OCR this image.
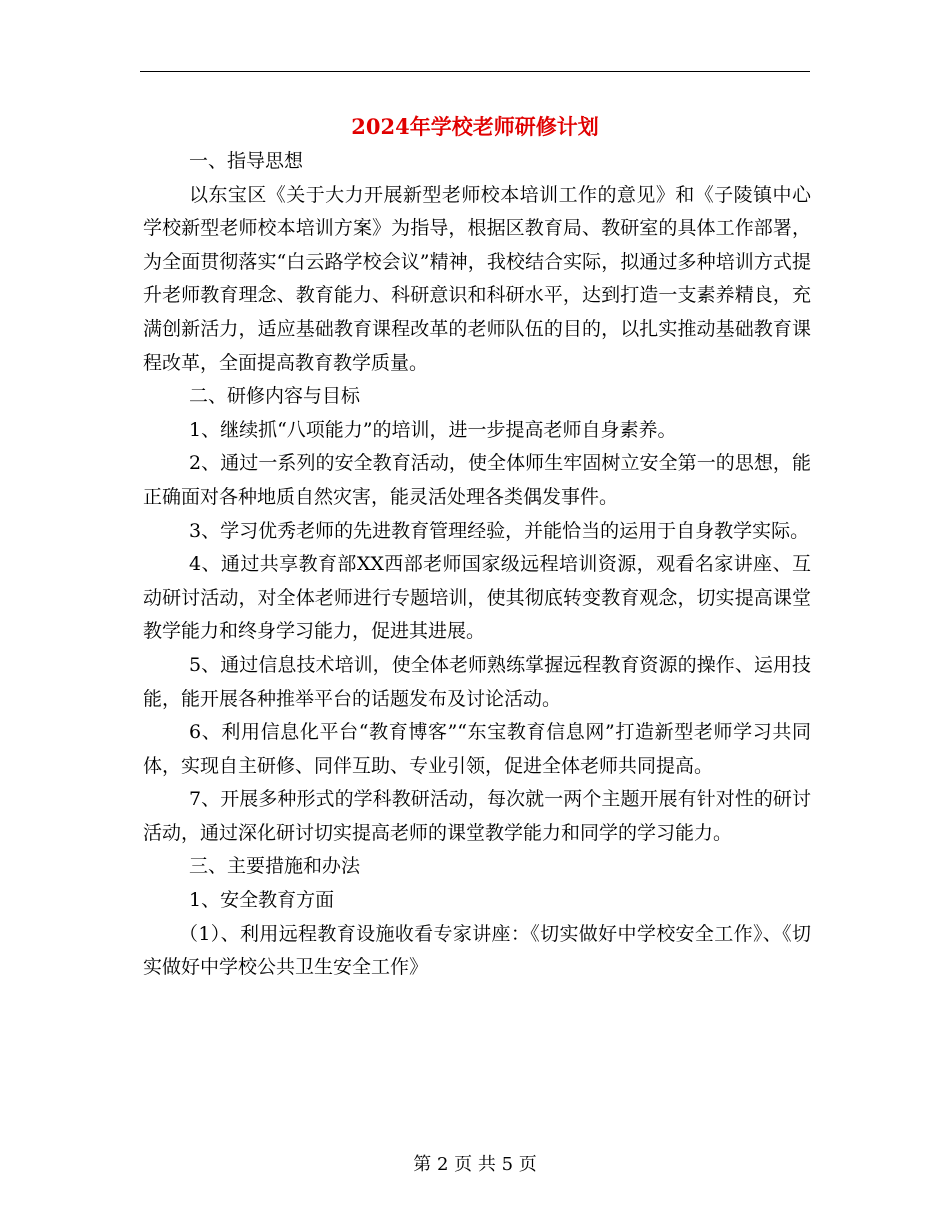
2024年学校老师研修计划

一、指导思想

以东宝区《关于大力开展新型老师校本培训工作的意见》和《子陵镇中心学校新型老师校本培训方案》为指导，根据区教育局、教研室的具体工作部署，为全面贯彻落实“白云路学校会议”精神，我校结合实际，拟通过多种培训方式提升老师教育理念、教育能力、科研意识和科研水平，达到打造一支素养精良，充满创新活力，适应基础教育课程改革的老师队伍的目的，以扎实推动基础教育课程改革，全面提高教育教学质量。

二、研修内容与目标

1、继续抓“八项能力”的培训，进一步提高老师自身素养。

2、通过一系列的安全教育活动，使全体师生牢固树立安全第一的思想，能正确面对各种地质自然灾害，能灵活处理各类偶发事件。

3、学习优秀老师的先进教育管理经验，并能恰当的运用于自身教学实际。

4、通过共享教育部XX西部老师国家级远程培训资源，观看名家讲座、互动研讨活动，对全体老师进行专题培训，使其彻底转变教育观念，切实提高课堂教学能力和终身学习能力，促进其进展。

5、通过信息技术培训，使全体老师熟练掌握远程教育资源的操作、运用技能，能开展各种推举平台的话题发布及讨论活动。

6、利用信息化平台“教育博客”“东宝教育信息网”打造新型老师学习共同体，实现自主研修、同伴互助、专业引领，促进全体老师共同提高。

7、开展多种形式的学科教研活动，每次就一两个主题开展有针对性的研讨活动，通过深化研讨切实提高老师的课堂教学能力和同学的学习能力。

三、主要措施和办法

1、安全教育方面

（1）、利用远程教育设施收看专家讲座：《切实做好中学校安全工作》、《切实做好中学校公共卫生安全工作》

第 2 页 共 5 页
